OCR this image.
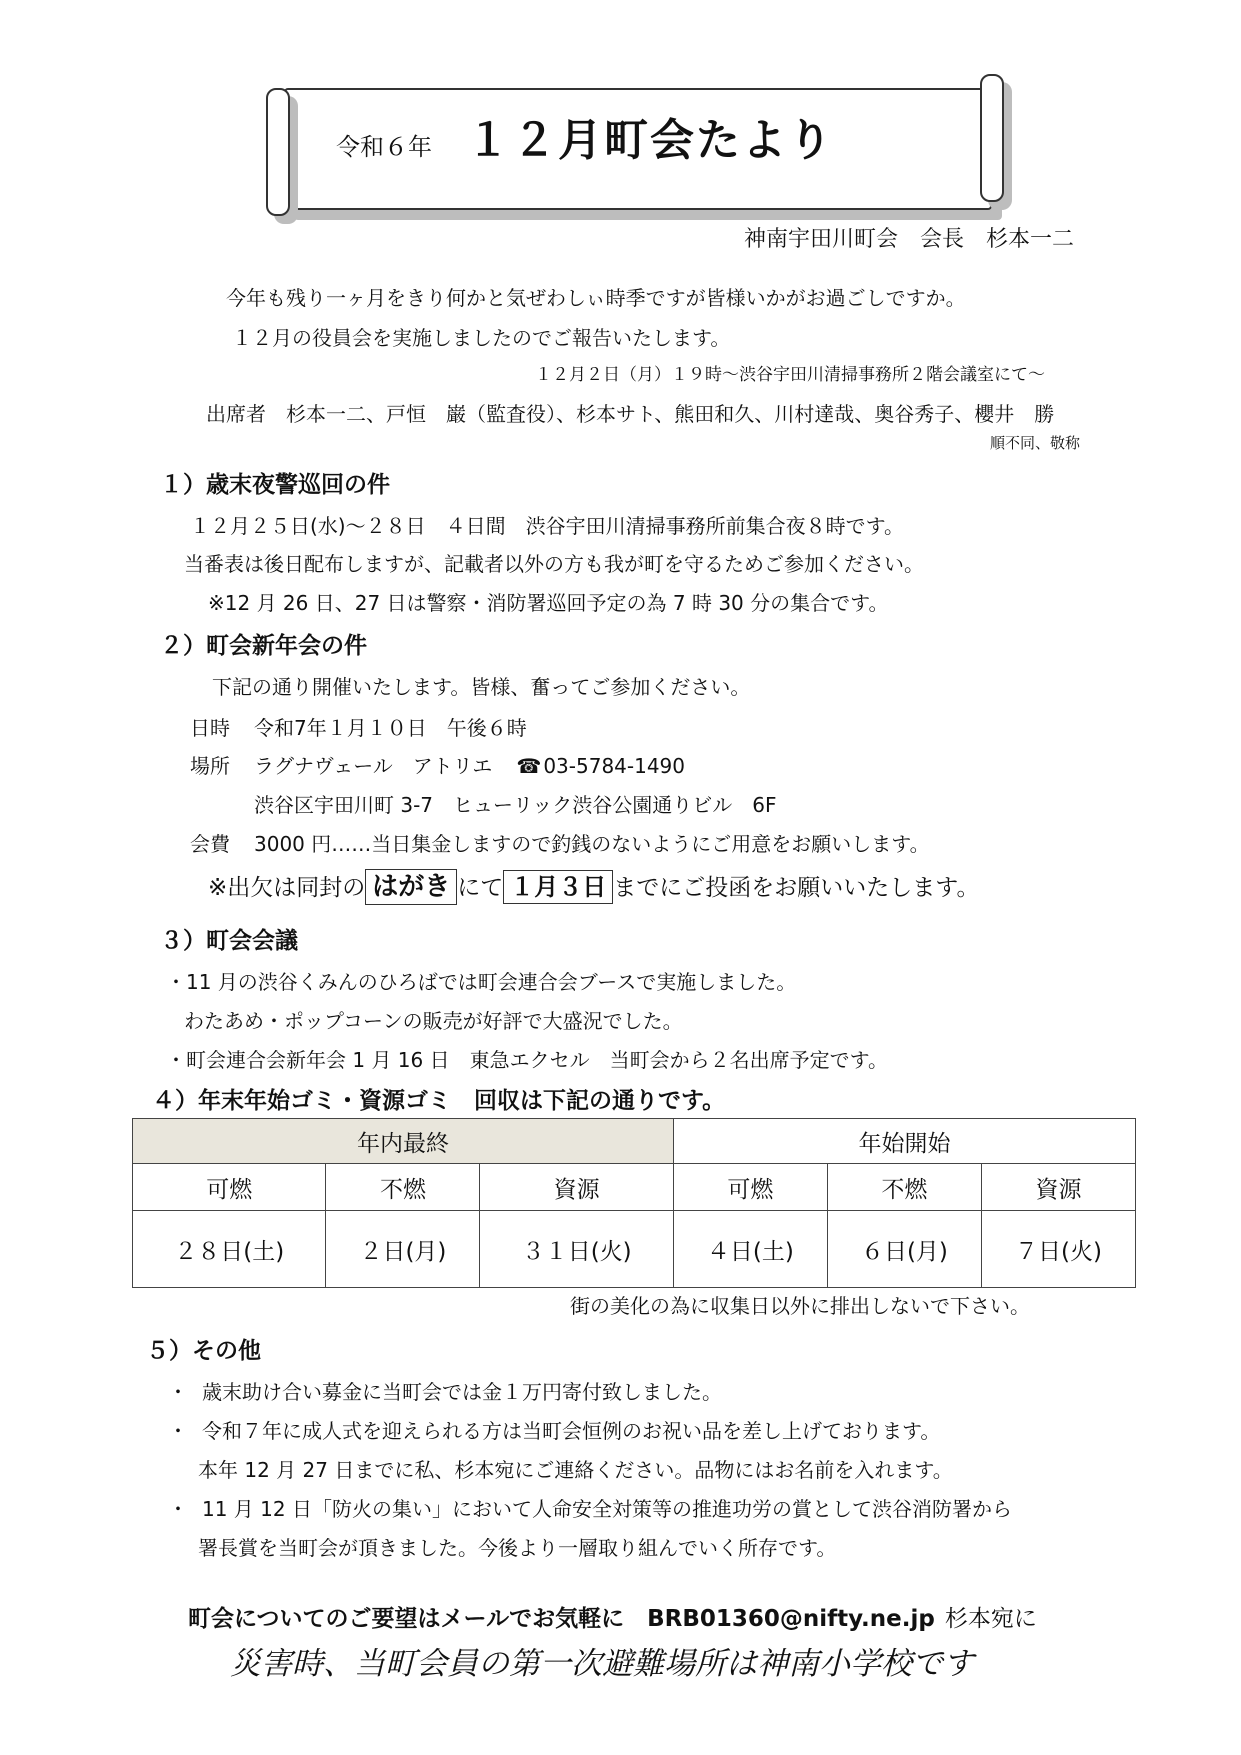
令和６年 １２月町会たより
神南宇田川町会　会長　杉本一二
今年も残り一ヶ月をきり何かと気ぜわしぃ時季ですが皆様いかがお過ごしですか。
１２月の役員会を実施しましたのでご報告いたします。
１２月２日（月）１９時～渋谷宇田川清掃事務所２階会議室にて～
出席者　杉本一二、戸恒　巌（監査役）、杉本サト、熊田和久、川村達哉、奥谷秀子、櫻井　勝
順不同、敬称
１）歳末夜警巡回の件
１２月２５日(水)～２８日　４日間　渋谷宇田川清掃事務所前集合夜８時です。
当番表は後日配布しますが、記載者以外の方も我が町を守るためご参加ください。
※12 月 26 日、27 日は警察・消防署巡回予定の為 7 時 30 分の集合です。
２）町会新年会の件
下記の通り開催いたします。皆様、奮ってご参加ください。
日時 令和7年１月１０日　午後６時
場所 ラグナヴェール　アトリエ ☎ 03-5784-1490
渋谷区宇田川町 3-7　ヒューリック渋谷公園通りビル　6F
会費 3000 円……当日集金しますので釣銭のないようにご用意をお願いします。
※出欠は同封の はがき にて １月３日 までにご投函をお願いいたします。
３）町会会議
・11 月の渋谷くみんのひろばでは町会連合会ブースで実施しました。
わたあめ・ポップコーンの販売が好評で大盛況でした。
・町会連合会新年会 1 月 16 日　東急エクセル　当町会から２名出席予定です。
４）年末年始ゴミ・資源ゴミ　回収は下記の通りです。
年内最終			年始開始		
可燃	不燃	資源	可燃	不燃	資源
２８日(土)	２日(月)	３１日(火)	４日(土)	６日(月)	７日(火)
街の美化の為に収集日以外に排出しないで下さい。
５）その他
・ 歳末助け合い募金に当町会では金１万円寄付致しました。
・ 令和７年に成人式を迎えられる方は当町会恒例のお祝い品を差し上げております。
本年 12 月 27 日までに私、杉本宛にご連絡ください。品物にはお名前を入れます。
・ 11 月 12 日「防火の集い」において人命安全対策等の推進功労の賞として渋谷消防署から
署長賞を当町会が頂きました。今後より一層取り組んでいく所存です。
町会についてのご要望はメールでお気軽に　BRB01360@nifty.ne.jp 杉本宛に
災害時、当町会員の第一次避難場所は神南小学校です
